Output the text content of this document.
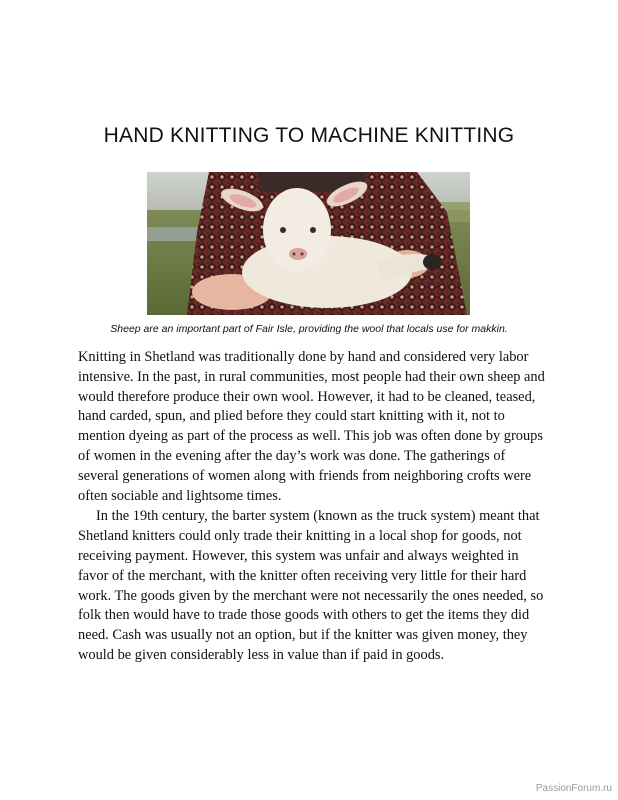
HAND KNITTING TO MACHINE KNITTING
Sheep are an important part of Fair Isle, providing the wool that locals use for makkin.

Knitting in Shetland was traditionally done by hand and considered very labor intensive. In the past, in rural communities, most people had their own sheep and would therefore produce their own wool. However, it had to be cleaned, teased, hand carded, spun, and plied before they could start knitting with it, not to mention dyeing as part of the process as well. This job was often done by groups of women in the evening after the day’s work was done. The gatherings of several generations of women along with friends from neighboring crofts were often sociable and lightsome times.

In the 19th century, the barter system (known as the truck system) meant that Shetland knitters could only trade their knitting in a local shop for goods, not receiving payment. However, this system was unfair and always weighted in favor of the merchant, with the knitter often receiving very little for their hard work. The goods given by the merchant were not necessarily the ones needed, so folk then would have to trade those goods with others to get the items they did need. Cash was usually not an option, but if the knitter was given money, they would be given considerably less in value than if paid in goods.

PassionForum.ru
